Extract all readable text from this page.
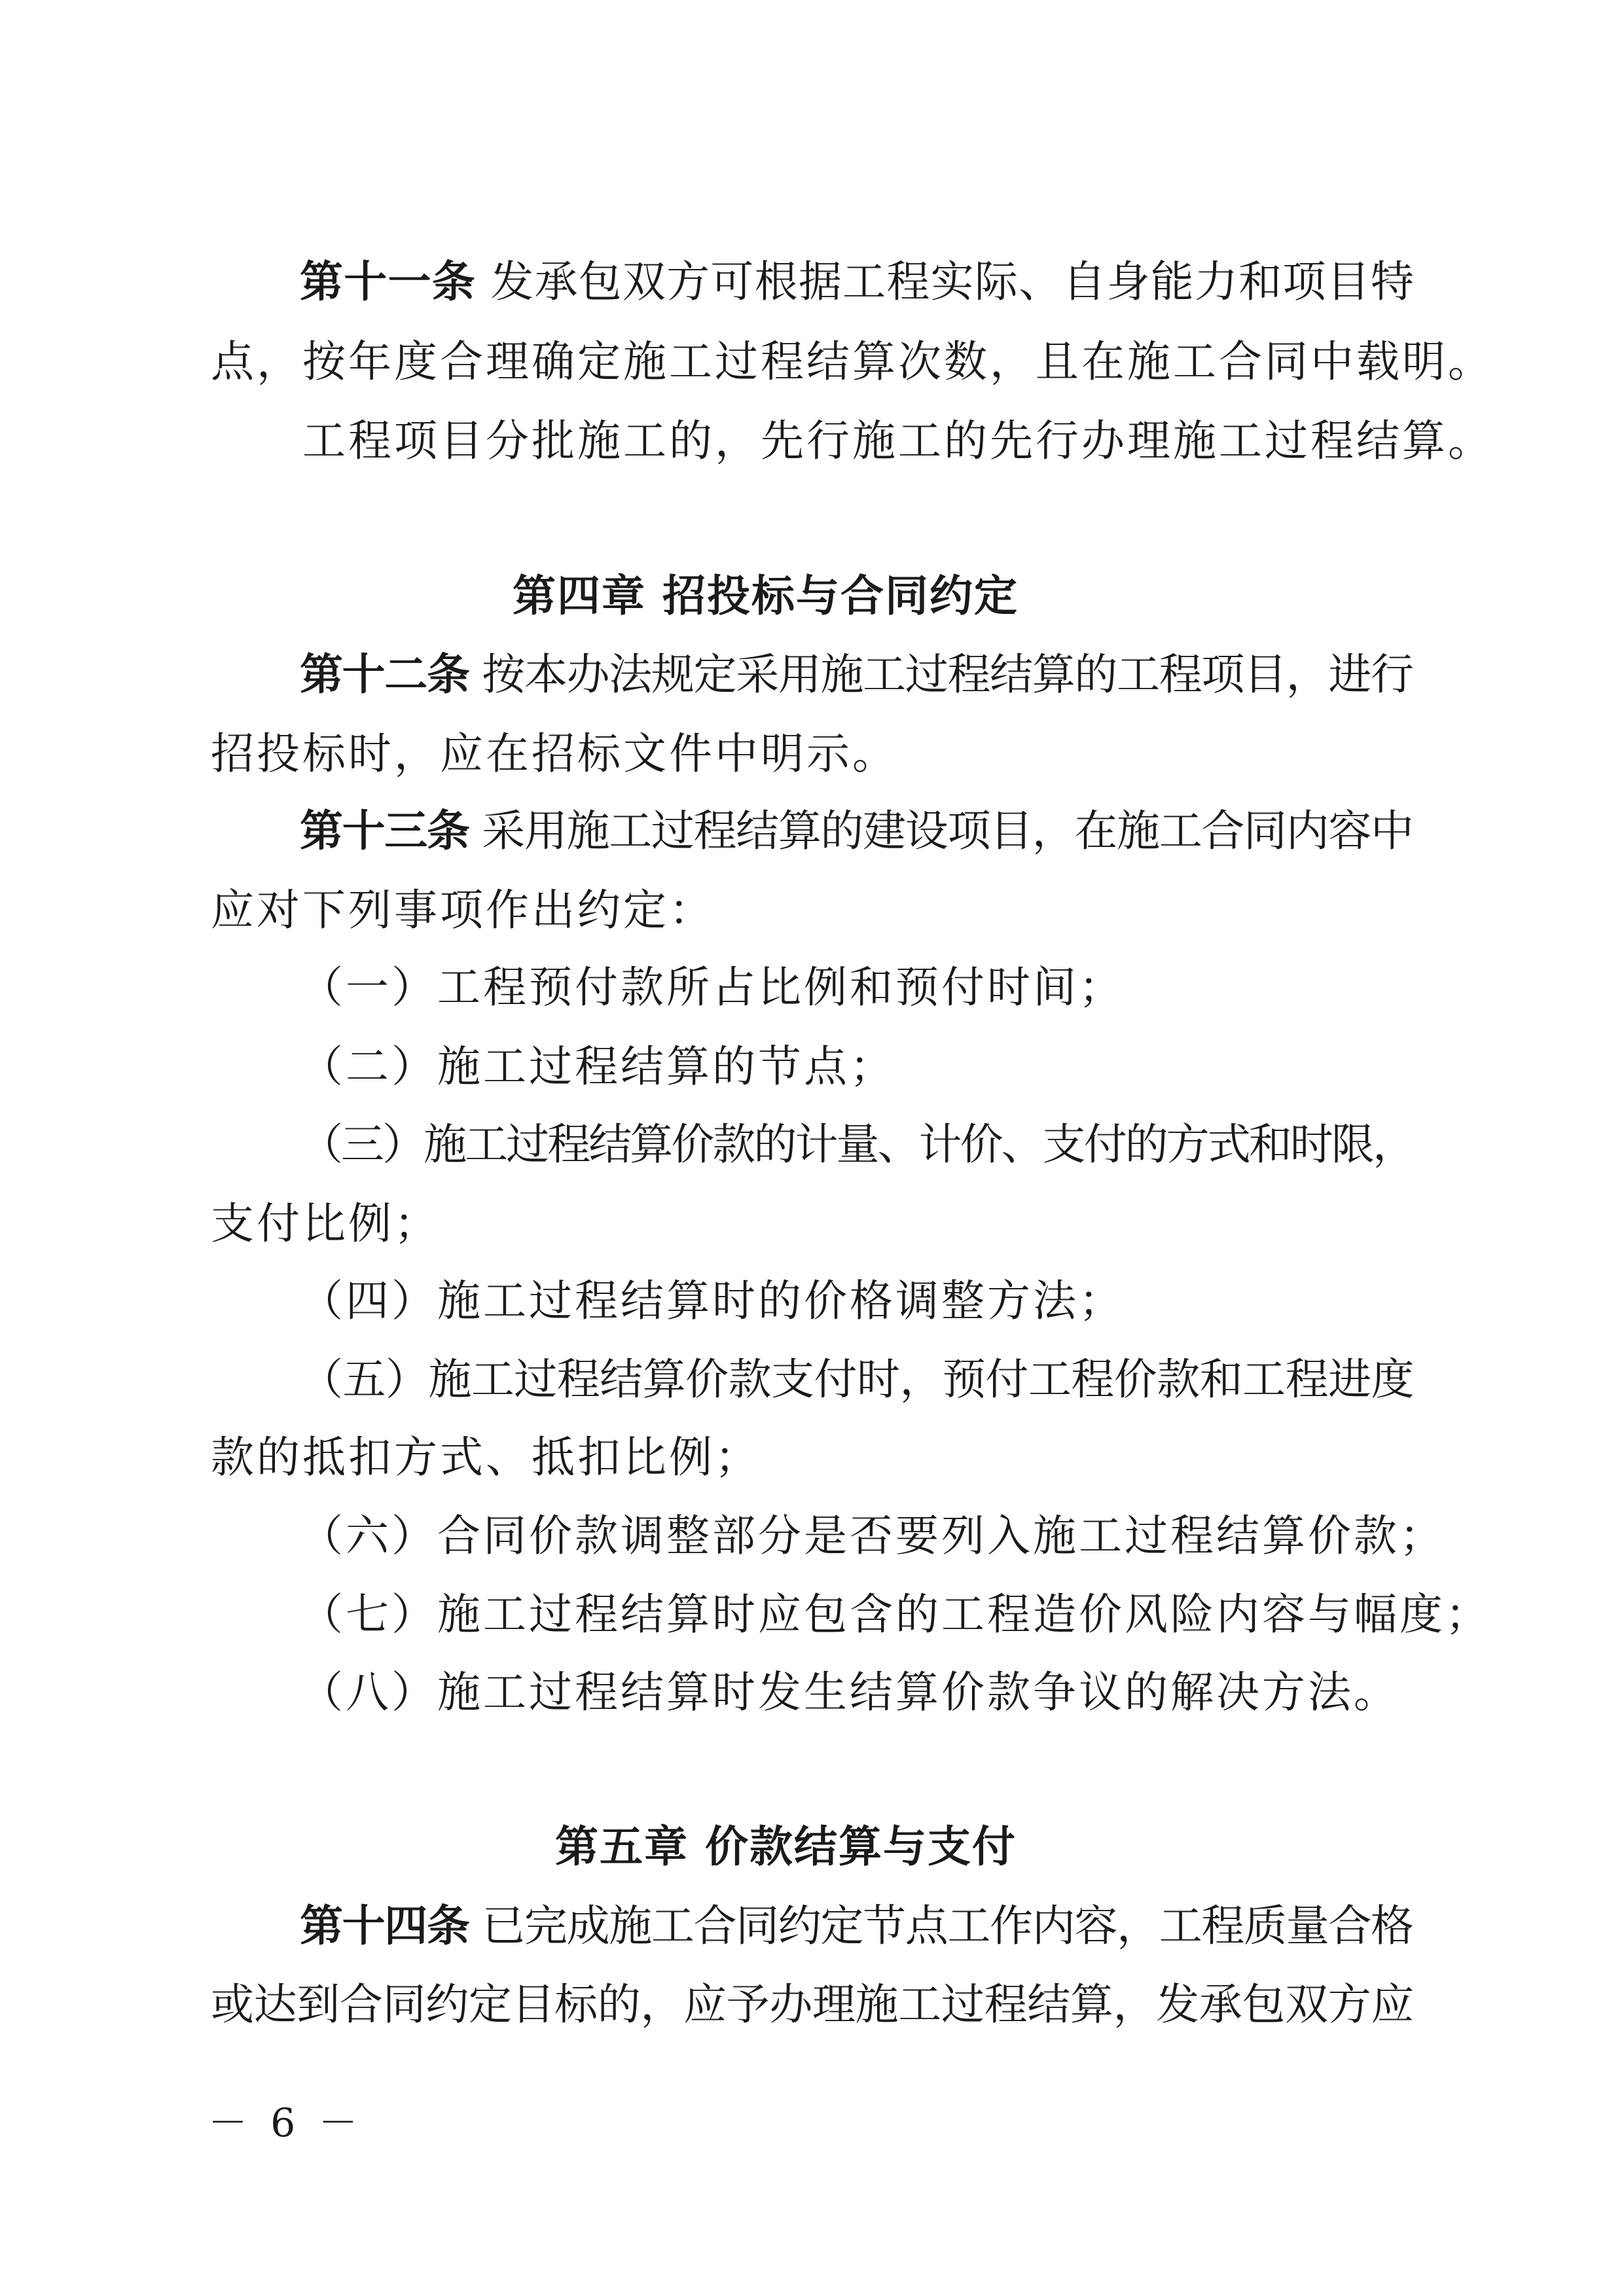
第十一条 发承包双方可根据工程实际、自身能力和项目特
点，按年度合理确定施工过程结算次数，且在施工合同中载明。
工程项目分批施工的，先行施工的先行办理施工过程结算。
第四章 招投标与合同约定
第十二条 按本办法规定采用施工过程结算的工程项目，进行
招投标时，应在招标文件中明示。
第十三条 采用施工过程结算的建设项目，在施工合同内容中
应对下列事项作出约定：
（一）工程预付款所占比例和预付时间；
（二）施工过程结算的节点；
（三）施工过程结算价款的计量、计价、支付的方式和时限，
支付比例；
（四）施工过程结算时的价格调整方法；
（五）施工过程结算价款支付时，预付工程价款和工程进度
款的抵扣方式、抵扣比例；
（六）合同价款调整部分是否要列入施工过程结算价款；
（七）施工过程结算时应包含的工程造价风险内容与幅度；
（八）施工过程结算时发生结算价款争议的解决方法。
第五章 价款结算与支付
第十四条 已完成施工合同约定节点工作内容，工程质量合格
或达到合同约定目标的，应予办理施工过程结算，发承包双方应
－ 6 －
